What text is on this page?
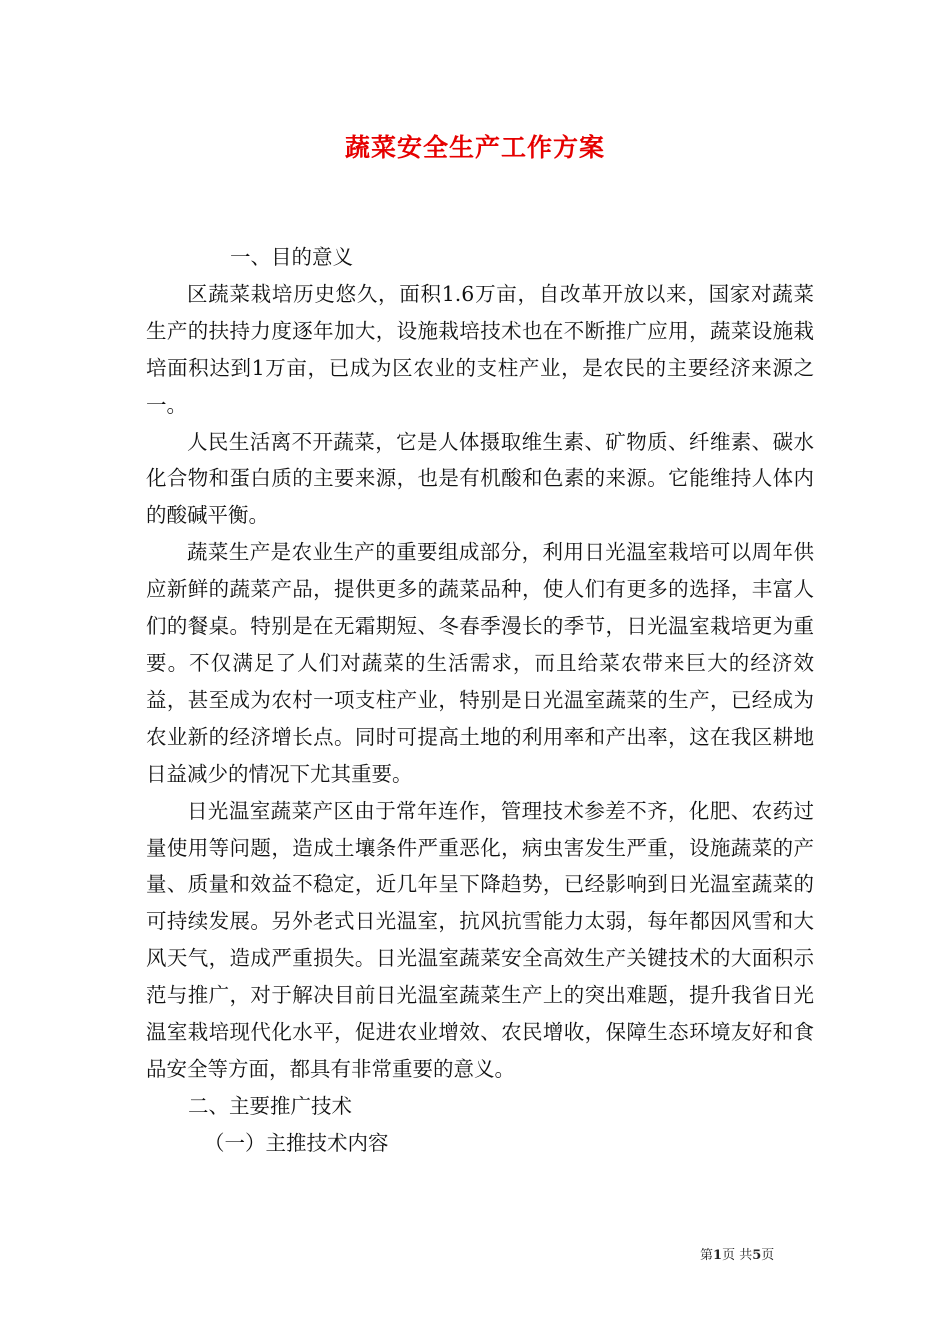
蔬菜安全生产工作方案

一、目的意义

区蔬菜栽培历史悠久，面积1.6万亩，自改革开放以来，国家对蔬菜生产的扶持力度逐年加大，设施栽培技术也在不断推广应用，蔬菜设施栽培面积达到1万亩，已成为区农业的支柱产业，是农民的主要经济来源之一。

人民生活离不开蔬菜，它是人体摄取维生素、矿物质、纤维素、碳水化合物和蛋白质的主要来源，也是有机酸和色素的来源。它能维持人体内的酸碱平衡。

蔬菜生产是农业生产的重要组成部分，利用日光温室栽培可以周年供应新鲜的蔬菜产品，提供更多的蔬菜品种，使人们有更多的选择，丰富人们的餐桌。特别是在无霜期短、冬春季漫长的季节，日光温室栽培更为重要。不仅满足了人们对蔬菜的生活需求，而且给菜农带来巨大的经济效益，甚至成为农村一项支柱产业，特别是日光温室蔬菜的生产，已经成为农业新的经济增长点。同时可提高土地的利用率和产出率，这在我区耕地日益减少的情况下尤其重要。

日光温室蔬菜产区由于常年连作，管理技术参差不齐，化肥、农药过量使用等问题，造成土壤条件严重恶化，病虫害发生严重，设施蔬菜的产量、质量和效益不稳定，近几年呈下降趋势，已经影响到日光温室蔬菜的可持续发展。另外老式日光温室，抗风抗雪能力太弱，每年都因风雪和大风天气，造成严重损失。日光温室蔬菜安全高效生产关键技术的大面积示范与推广，对于解决目前日光温室蔬菜生产上的突出难题，提升我省日光温室栽培现代化水平，促进农业增效、农民增收，保障生态环境友好和食品安全等方面，都具有非常重要的意义。

二、主要推广技术

（一）主推技术内容

第1页 共5页
